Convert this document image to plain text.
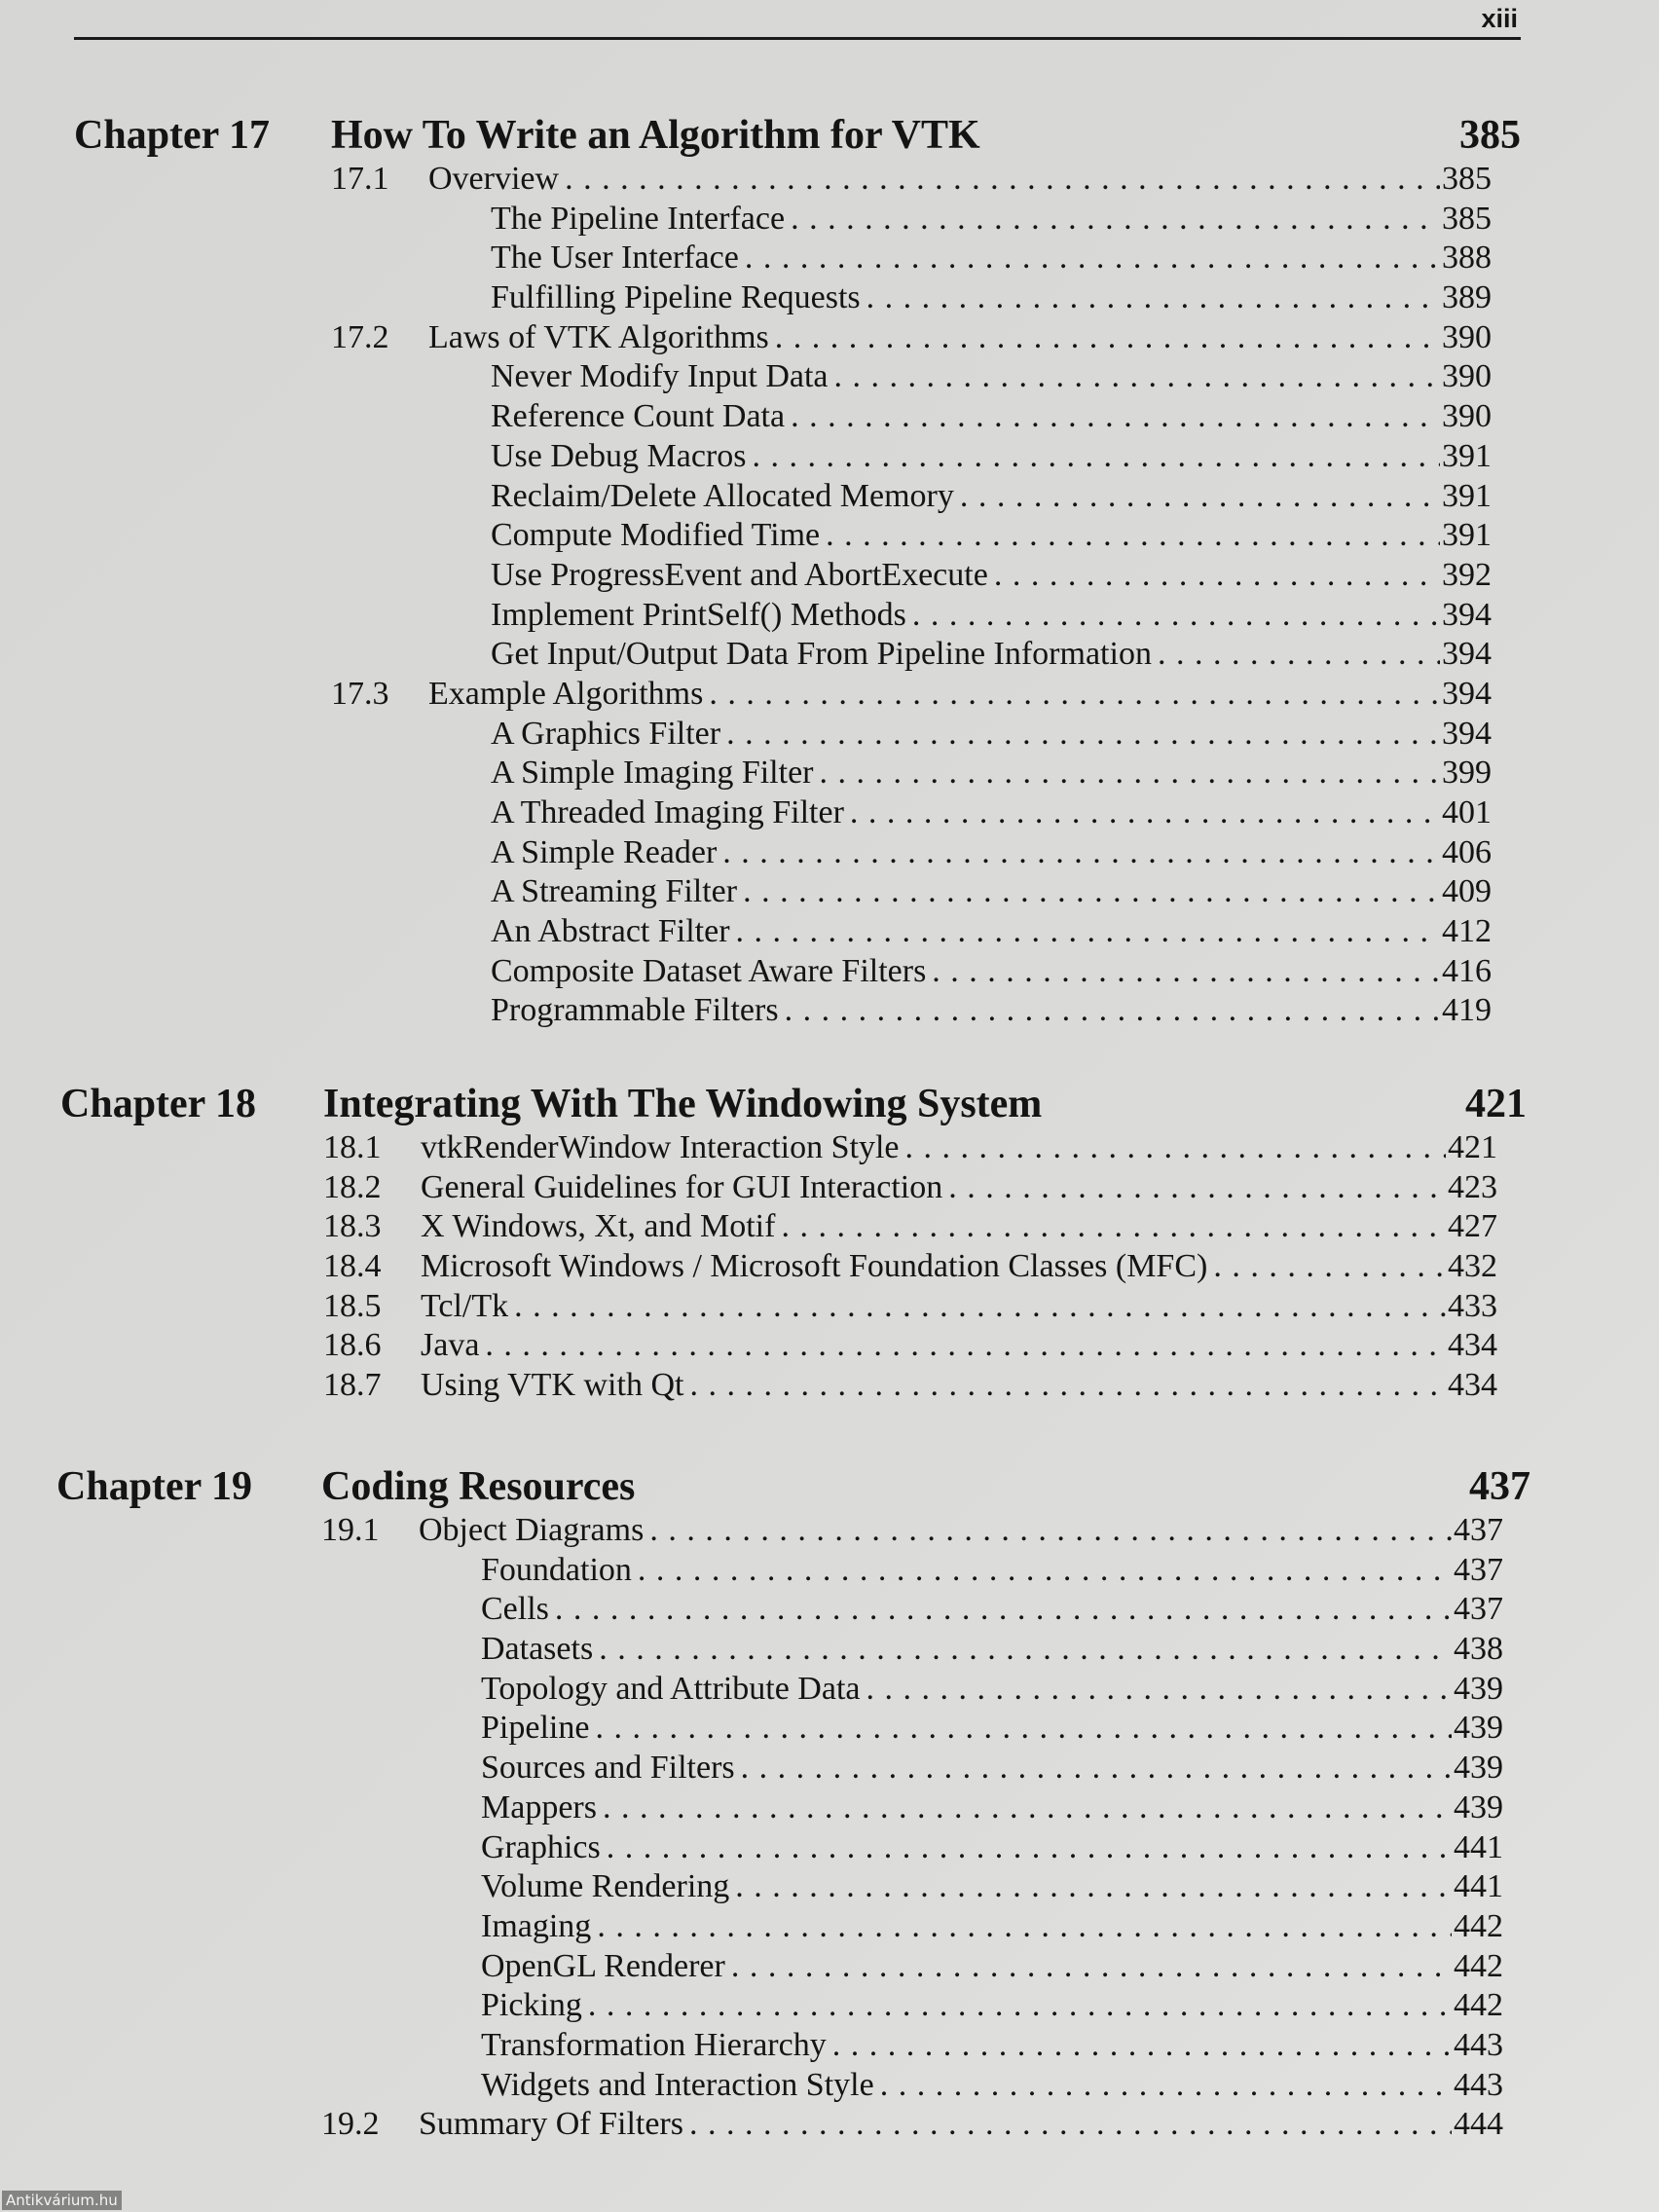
xiii
Chapter 17 How To Write an Algorithm for VTK	385
17.1	Overview . . .	385
The Pipeline Interface . . .	385
The User Interface . . .	388
Fulfilling Pipeline Requests . . .	389
17.2	Laws of VTK Algorithms . . .	390
Never Modify Input Data . . .	390
Reference Count Data . . .	390
Use Debug Macros . . .	391
Reclaim/Delete Allocated Memory . . .	391
Compute Modified Time . . .	391
Use ProgressEvent and AbortExecute . . .	392
Implement PrintSelf() Methods . . .	394
Get Input/Output Data From Pipeline Information . . .	394
17.3	Example Algorithms . . .	394
A Graphics Filter . . .	394
A Simple Imaging Filter . . .	399
A Threaded Imaging Filter . . .	401
A Simple Reader . . .	406
A Streaming Filter . . .	409
An Abstract Filter . . .	412
Composite Dataset Aware Filters . . .	416
Programmable Filters . . .	419
Chapter 18 Integrating With The Windowing System	421
18.1	vtkRenderWindow Interaction Style . . .	421
18.2	General Guidelines for GUI Interaction . . .	423
18.3	X Windows, Xt, and Motif . . .	427
18.4	Microsoft Windows / Microsoft Foundation Classes (MFC) . . .	432
18.5	Tcl/Tk . . .	433
18.6	Java . . .	434
18.7	Using VTK with Qt . . .	434
Chapter 19 Coding Resources	437
19.1	Object Diagrams . . .	437
Foundation . . .	437
Cells . . .	437
Datasets . . .	438
Topology and Attribute Data . . .	439
Pipeline . . .	439
Sources and Filters . . .	439
Mappers . . .	439
Graphics . . .	441
Volume Rendering . . .	441
Imaging . . .	442
OpenGL Renderer . . .	442
Picking . . .	442
Transformation Hierarchy . . .	443
Widgets and Interaction Style . . .	443
19.2	Summary Of Filters . . .	444
Antikvárium.hu
